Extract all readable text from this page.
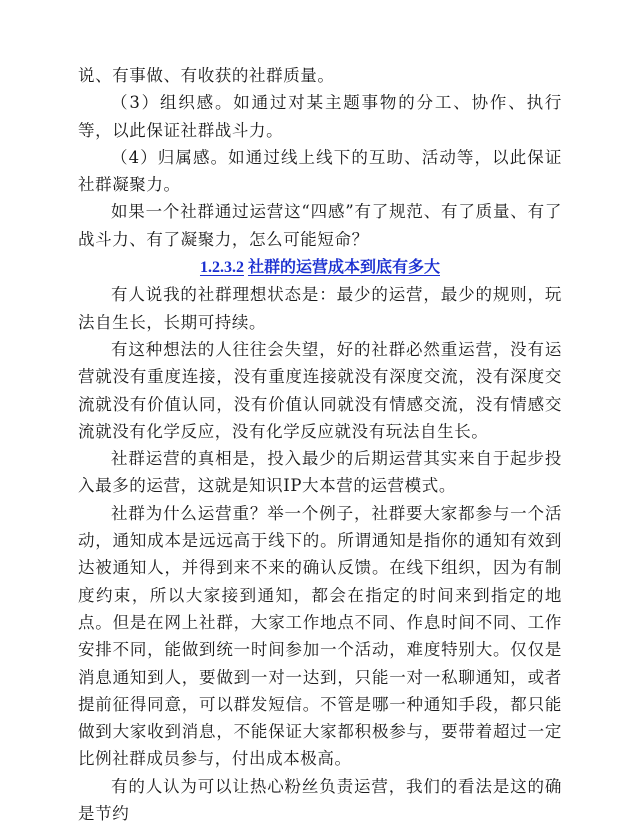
说、有事做、有收获的社群质量。

（3）组织感。如通过对某主题事物的分工、协作、执行等，以此保证社群战斗力。

（4）归属感。如通过线上线下的互助、活动等，以此保证社群凝聚力。

如果一个社群通过运营这“四感”有了规范、有了质量、有了战斗力、有了凝聚力，怎么可能短命？

1.2.3.2 社群的运营成本到底有多大

有人说我的社群理想状态是：最少的运营，最少的规则，玩法自生长，长期可持续。

有这种想法的人往往会失望，好的社群必然重运营，没有运营就没有重度连接，没有重度连接就没有深度交流，没有深度交流就没有价值认同，没有价值认同就没有情感交流，没有情感交流就没有化学反应，没有化学反应就没有玩法自生长。

社群运营的真相是，投入最少的后期运营其实来自于起步投入最多的运营，这就是知识IP大本营的运营模式。

社群为什么运营重？举一个例子，社群要大家都参与一个活动，通知成本是远远高于线下的。所谓通知是指你的通知有效到达被通知人，并得到来不来的确认反馈。在线下组织，因为有制度约束，所以大家接到通知，都会在指定的时间来到指定的地点。但是在网上社群，大家工作地点不同、作息时间不同、工作安排不同，能做到统一时间参加一个活动，难度特别大。仅仅是消息通知到人，要做到一对一达到，只能一对一私聊通知，或者提前征得同意，可以群发短信。不管是哪一种通知手段，都只能做到大家收到消息，不能保证大家都积极参与，要带着超过一定比例社群成员参与，付出成本极高。

有的人认为可以让热心粉丝负责运营，我们的看法是这的确是节约
